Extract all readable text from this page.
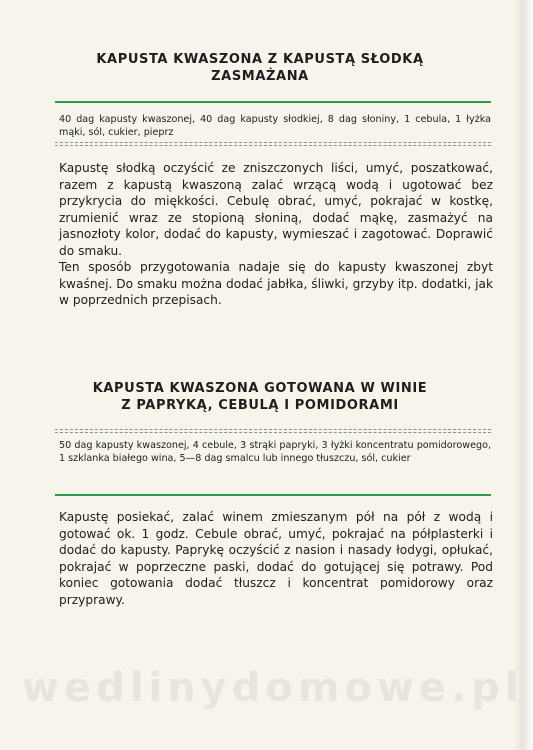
KAPUSTA KWASZONA Z KAPUSTĄ SŁODKĄ
ZASMAŻANA
40 dag kapusty kwaszonej, 40 dag kapusty słodkiej, 8 dag słoniny, 1 cebula, 1 łyżka mąki, sól, cukier, pieprz

Kapustę słodką oczyścić ze zniszczonych liści, umyć, poszatkować, razem z kapustą kwaszoną zalać wrzącą wodą i ugotować bez przykrycia do miękkości. Cebulę obrać, umyć, pokrajać w kostkę, zrumienić wraz ze stopioną słoniną, dodać mąkę, zasmażyć na jasnozłoty kolor, dodać do kapusty, wymieszać i zagotować. Doprawić do smaku.

Ten sposób przygotowania nadaje się do kapusty kwaszonej zbyt kwaśnej. Do smaku można dodać jabłka, śliwki, grzyby itp. dodatki, jak w poprzednich przepisach.

KAPUSTA KWASZONA GOTOWANA W WINIE
Z PAPRYKĄ, CEBULĄ I POMIDORAMI
50 dag kapusty kwaszonej, 4 cebule, 3 strąki papryki, 3 łyżki koncentratu pomidorowego, 1 szklanka białego wina, 5—8 dag smalcu lub innego tłuszczu, sól, cukier

Kapustę posiekać, zalać winem zmieszanym pół na pół z wodą i gotować ok. 1 godz. Cebule obrać, umyć, pokrajać na półplasterki i dodać do kapusty. Paprykę oczyścić z nasion i nasady łodygi, opłukać, pokrajać w poprzeczne paski, dodać do gotującej się potrawy. Pod koniec gotowania dodać tłuszcz i koncentrat pomidorowy oraz przyprawy.

wedlinydomowe.pl
